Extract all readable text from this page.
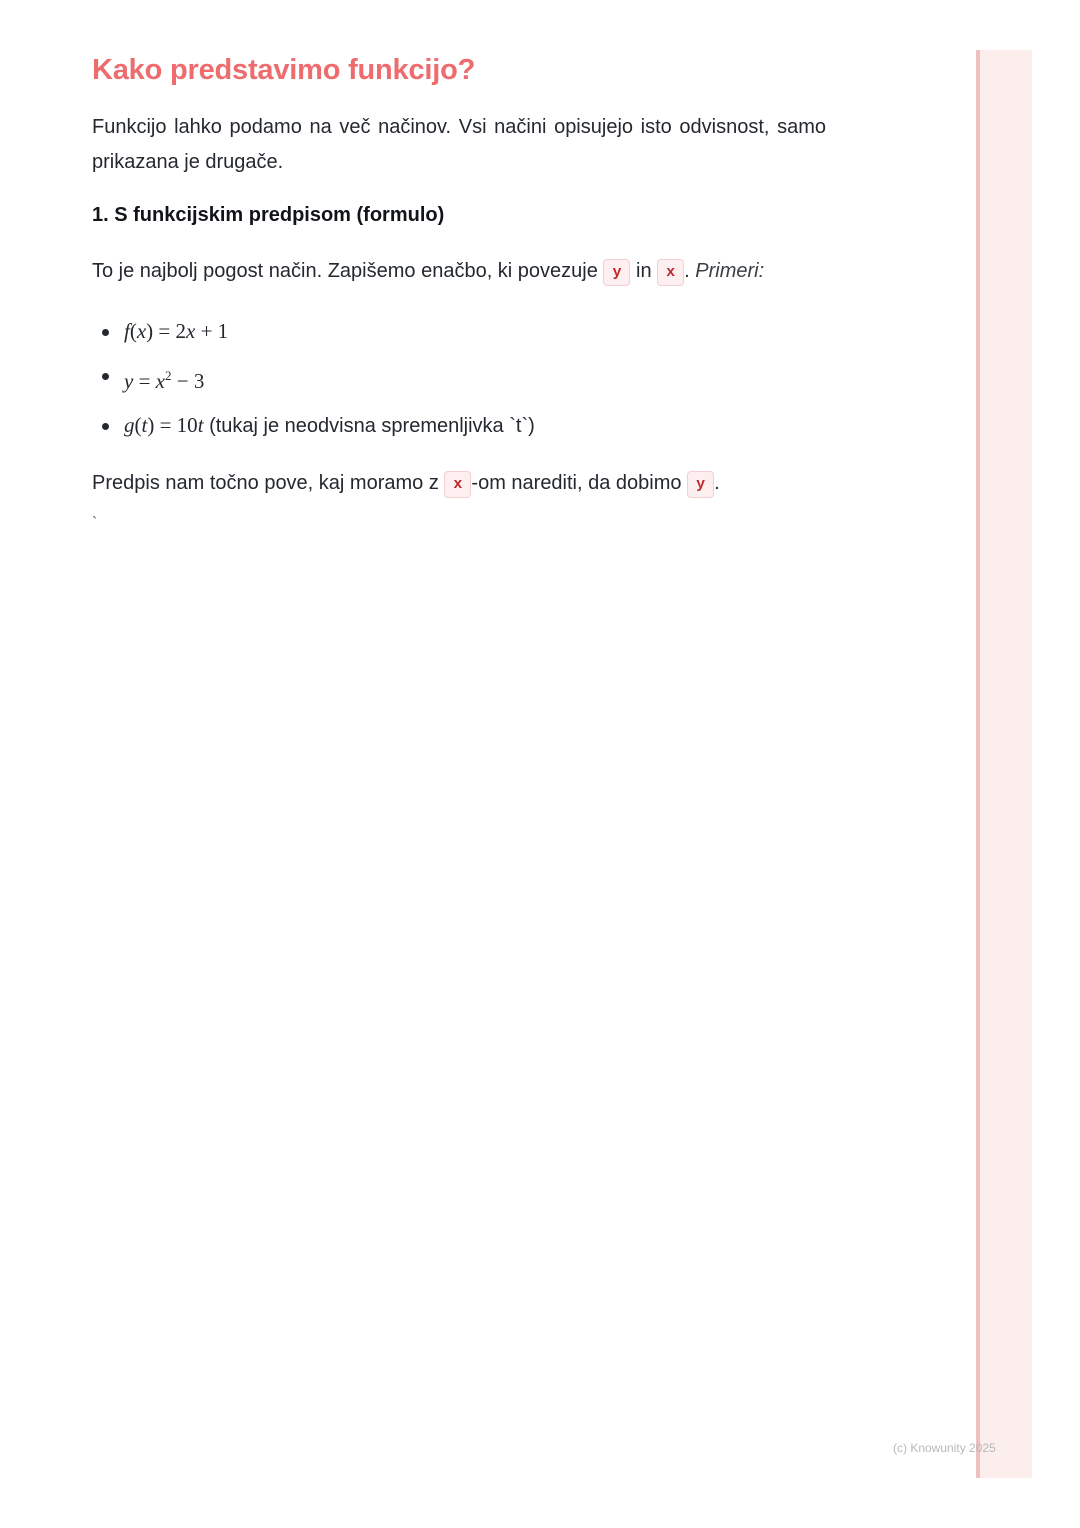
Kako predstavimo funkcijo?

Funkcijo lahko podamo na več načinov. Vsi načini opisujejo isto odvisnost, samo prikazana je drugače.

1. S funkcijskim predpisom (formulo)

To je najbolj pogost način. Zapišemo enačbo, ki povezuje y in x . Primeri:

f(x) = 2x + 1
$y = x^2 - 3$
g(t) = 10t (tukaj je neodvisna spremenljivka `t`)

Predpis nam točno pove, kaj moramo z x -om narediti, da dobimo y .

`

(c) Knowunity 2025
